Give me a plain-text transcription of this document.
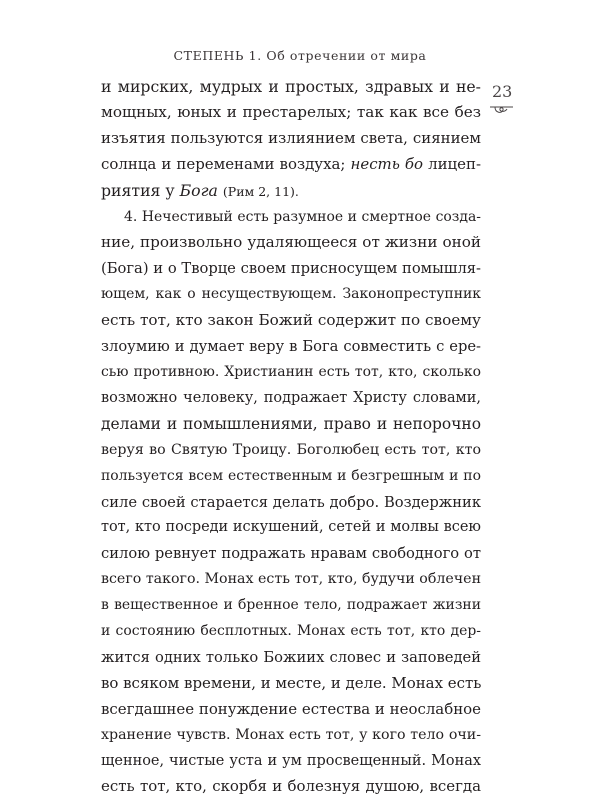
СТЕПЕНЬ 1. Об отречении от мира
23
и мирских, мудрых и простых, здравых и не-
мощных, юных и престарелых; так как все без
изъятия пользуются излиянием света, сиянием
солнца и переменами воздуха; несть бо лицеп-
риятия у Бога (Рим 2, 11).
4. Нечестивый есть разумное и смертное созда-
ние, произвольно удаляющееся от жизни оной
(Бога) и о Творце своем присносущем помышля-
ющем, как о несуществующем. Законопреступник
есть тот, кто закон Божий содержит по своему
злоумию и думает веру в Бога совместить с ере-
сью противною. Христианин есть тот, кто, сколько
возможно человеку, подражает Христу словами,
делами и помышлениями, право и непорочно
веруя во Святую Троицу. Боголюбец есть тот, кто
пользуется всем естественным и безгрешным и по
силе своей старается делать добро. Воздержник
тот, кто посреди искушений, сетей и молвы всею
силою ревнует подражать нравам свободного от
всего такого. Монах есть тот, кто, будучи облечен
в вещественное и бренное тело, подражает жизни
и состоянию бесплотных. Монах есть тот, кто дер-
жится одних только Божиих словес и заповедей
во всяком времени, и месте, и деле. Монах есть
всегдашнее понуждение естества и неослабное
хранение чувств. Монах есть тот, у кого тело очи-
щенное, чистые уста и ум просвещенный. Монах
есть тот, кто, скорбя и болезнуя душою, всегда
